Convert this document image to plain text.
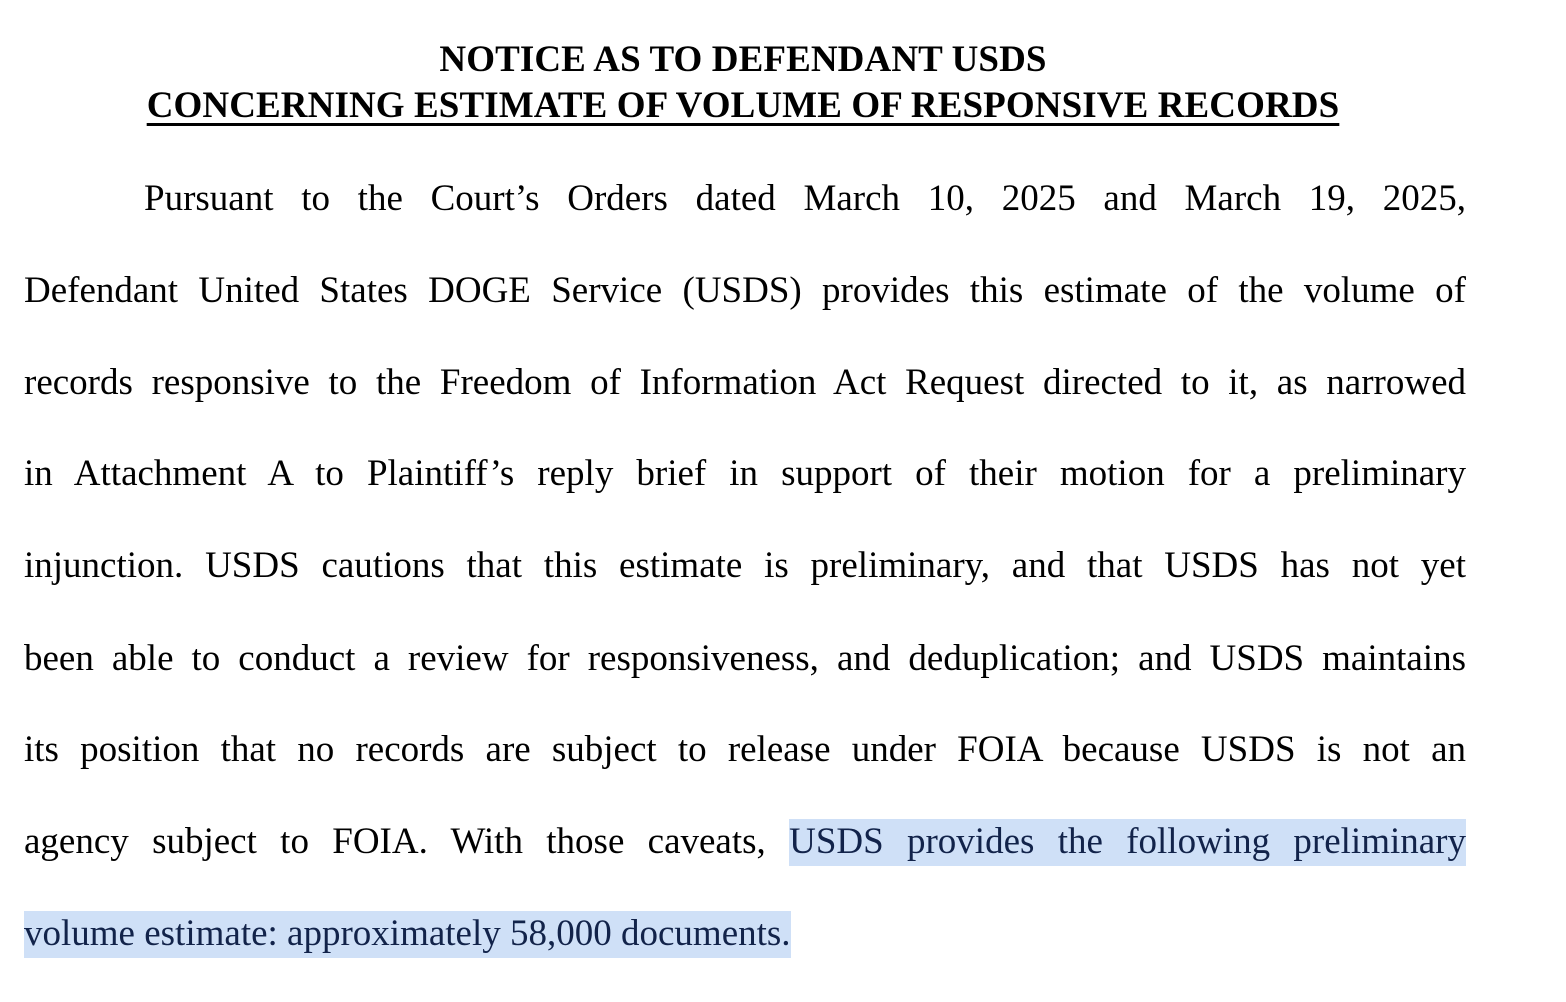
NOTICE AS TO DEFENDANT USDS
CONCERNING ESTIMATE OF VOLUME OF RESPONSIVE RECORDS
Pursuant to the Court’s Orders dated March 10, 2025 and March 19, 2025,
Defendant United States DOGE Service (USDS) provides this estimate of the volume of
records responsive to the Freedom of Information Act Request directed to it, as narrowed
in Attachment A to Plaintiff’s reply brief in support of their motion for a preliminary
injunction. USDS cautions that this estimate is preliminary, and that USDS has not yet
been able to conduct a review for responsiveness, and deduplication; and USDS maintains
its position that no records are subject to release under FOIA because USDS is not an
agency subject to FOIA. With those caveats, USDS provides the following preliminary
volume estimate: approximately 58,000 documents.
